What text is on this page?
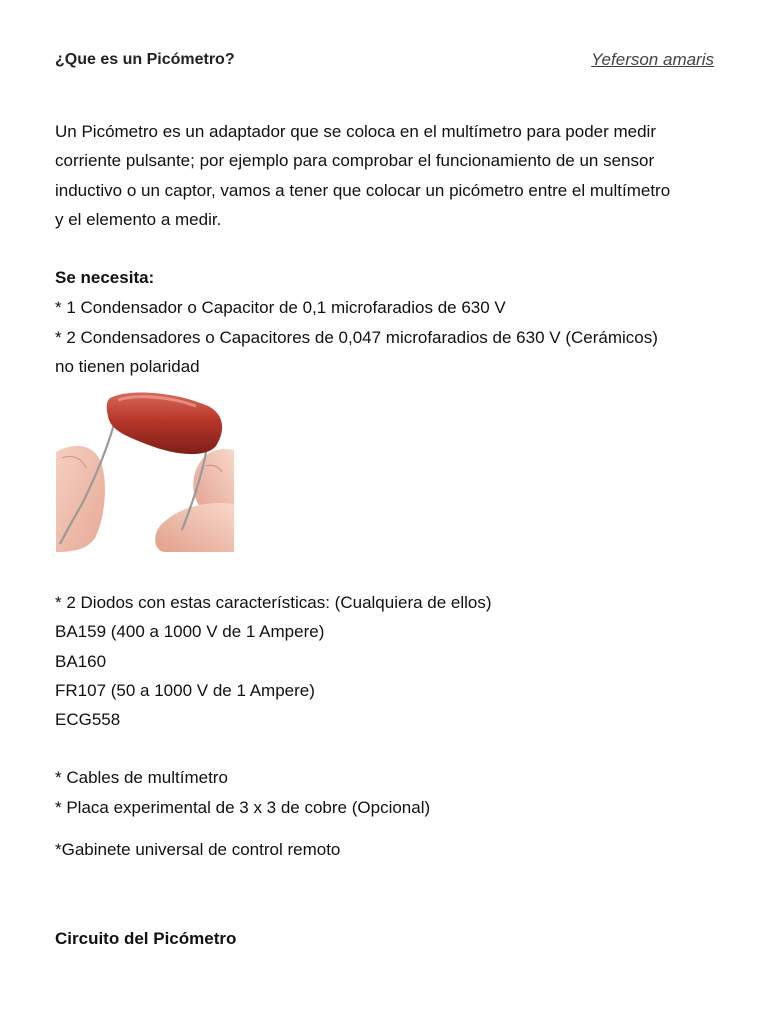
¿Que es un Picómetro?	Yeferson amaris
Un Picómetro es un adaptador que se coloca en el multímetro para poder medir
corriente pulsante; por ejemplo para comprobar el funcionamiento de un sensor
inductivo o un captor, vamos a tener que colocar un picómetro entre el multímetro
y el elemento a medir.
Se necesita:
* 1 Condensador o Capacitor de 0,1 microfaradios de 630 V
* 2 Condensadores o Capacitores de 0,047 microfaradios de 630 V (Cerámicos)
no tienen polaridad
· · · ·
* 2 Diodos con estas características: (Cualquiera de ellos)
BA159 (400 a 1000 V de 1 Ampere)
BA160
FR107 (50 a 1000 V de 1 Ampere)
ECG558
* Cables de multímetro
* Placa experimental de 3 x 3 de cobre (Opcional)
*Gabinete universal de control remoto
Circuito del Picómetro
